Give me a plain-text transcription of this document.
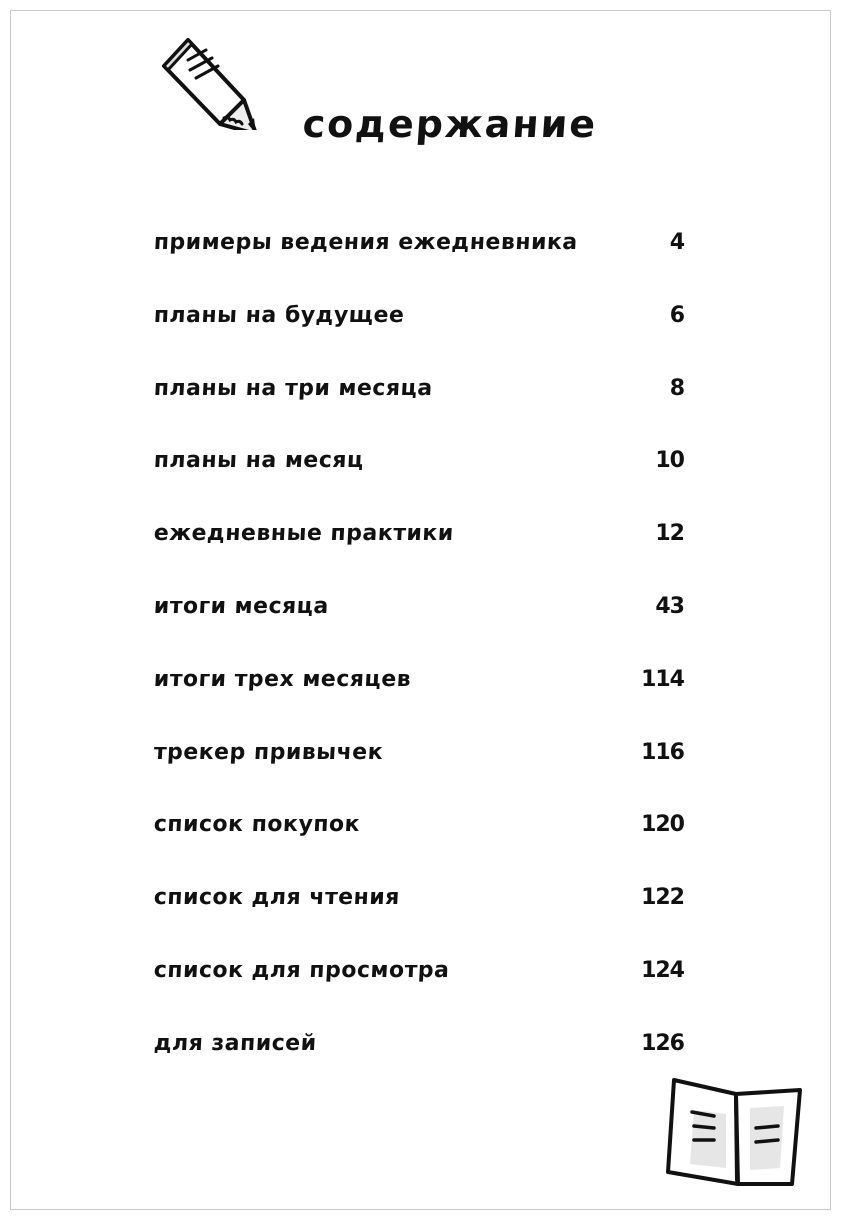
содержание
примеры ведения ежедневника	4
планы на будущее	6
планы на три месяца	8
планы на месяц	10
ежедневные практики	12
итоги месяца	43
итоги трех месяцев	114
трекер привычек	116
список покупок	120
список для чтения	122
список для просмотра	124
для записей	126
